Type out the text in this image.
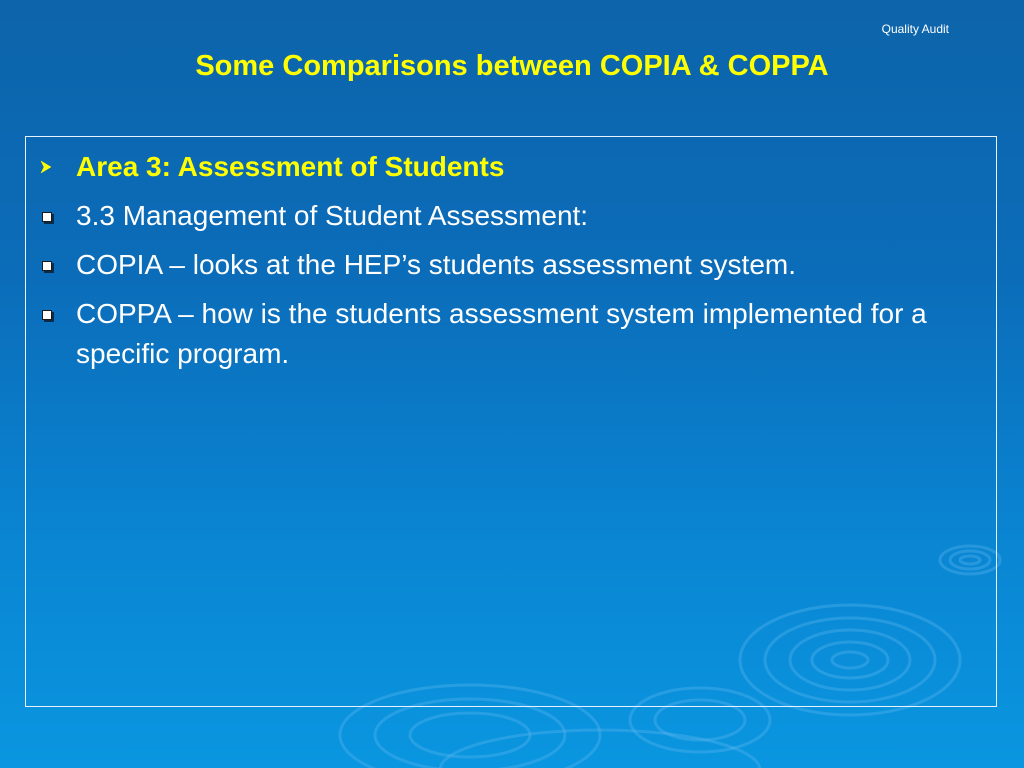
Quality Audit
Some Comparisons between COPIA & COPPA
Area 3: Assessment of Students
3.3 Management of Student Assessment:
COPIA – looks at the HEP’s students assessment system.
COPPA – how is the students assessment system implemented for a specific program.
